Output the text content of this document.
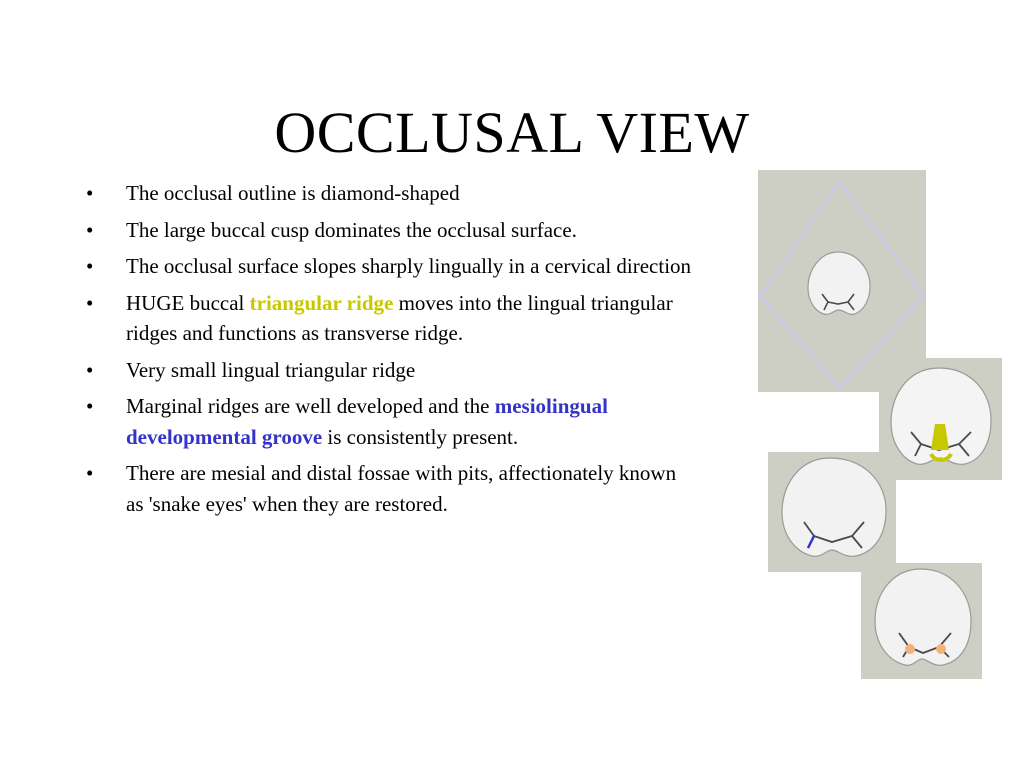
OCCLUSAL VIEW
• The occlusal outline is diamond-shaped
• The large buccal cusp dominates the occlusal surface.
• The occlusal surface slopes sharply lingually in a cervical direction
• HUGE buccal triangular ridge moves into the lingual triangular ridges and functions as transverse ridge.
• Very small lingual triangular ridge
• Marginal ridges are well developed and the mesiolingual developmental groove is consistently present.
• There are mesial and distal fossae with pits, affectionately known as 'snake eyes' when they are restored.
